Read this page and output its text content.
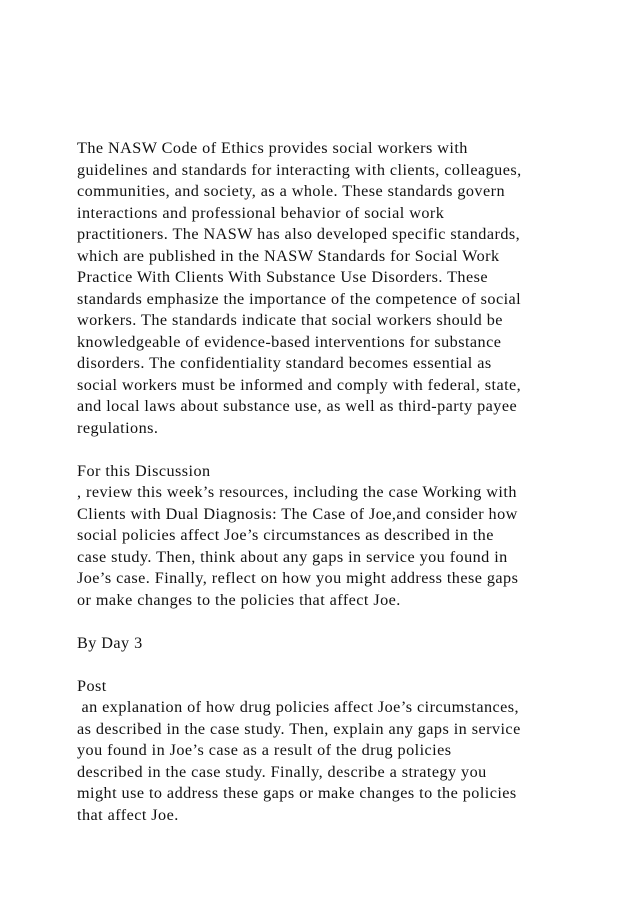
The NASW Code of Ethics provides social workers with
guidelines and standards for interacting with clients, colleagues,
communities, and society, as a whole. These standards govern
interactions and professional behavior of social work
practitioners. The NASW has also developed specific standards,
which are published in the NASW Standards for Social Work
Practice With Clients With Substance Use Disorders. These
standards emphasize the importance of the competence of social
workers. The standards indicate that social workers should be
knowledgeable of evidence-based interventions for substance
disorders. The confidentiality standard becomes essential as
social workers must be informed and comply with federal, state,
and local laws about substance use, as well as third-party payee
regulations.
For this Discussion
, review this week’s resources, including the case Working with
Clients with Dual Diagnosis: The Case of Joe,and consider how
social policies affect Joe’s circumstances as described in the
case study. Then, think about any gaps in service you found in
Joe’s case. Finally, reflect on how you might address these gaps
or make changes to the policies that affect Joe.
By Day 3
Post
an explanation of how drug policies affect Joe’s circumstances,
as described in the case study. Then, explain any gaps in service
you found in Joe’s case as a result of the drug policies
described in the case study. Finally, describe a strategy you
might use to address these gaps or make changes to the policies
that affect Joe.
